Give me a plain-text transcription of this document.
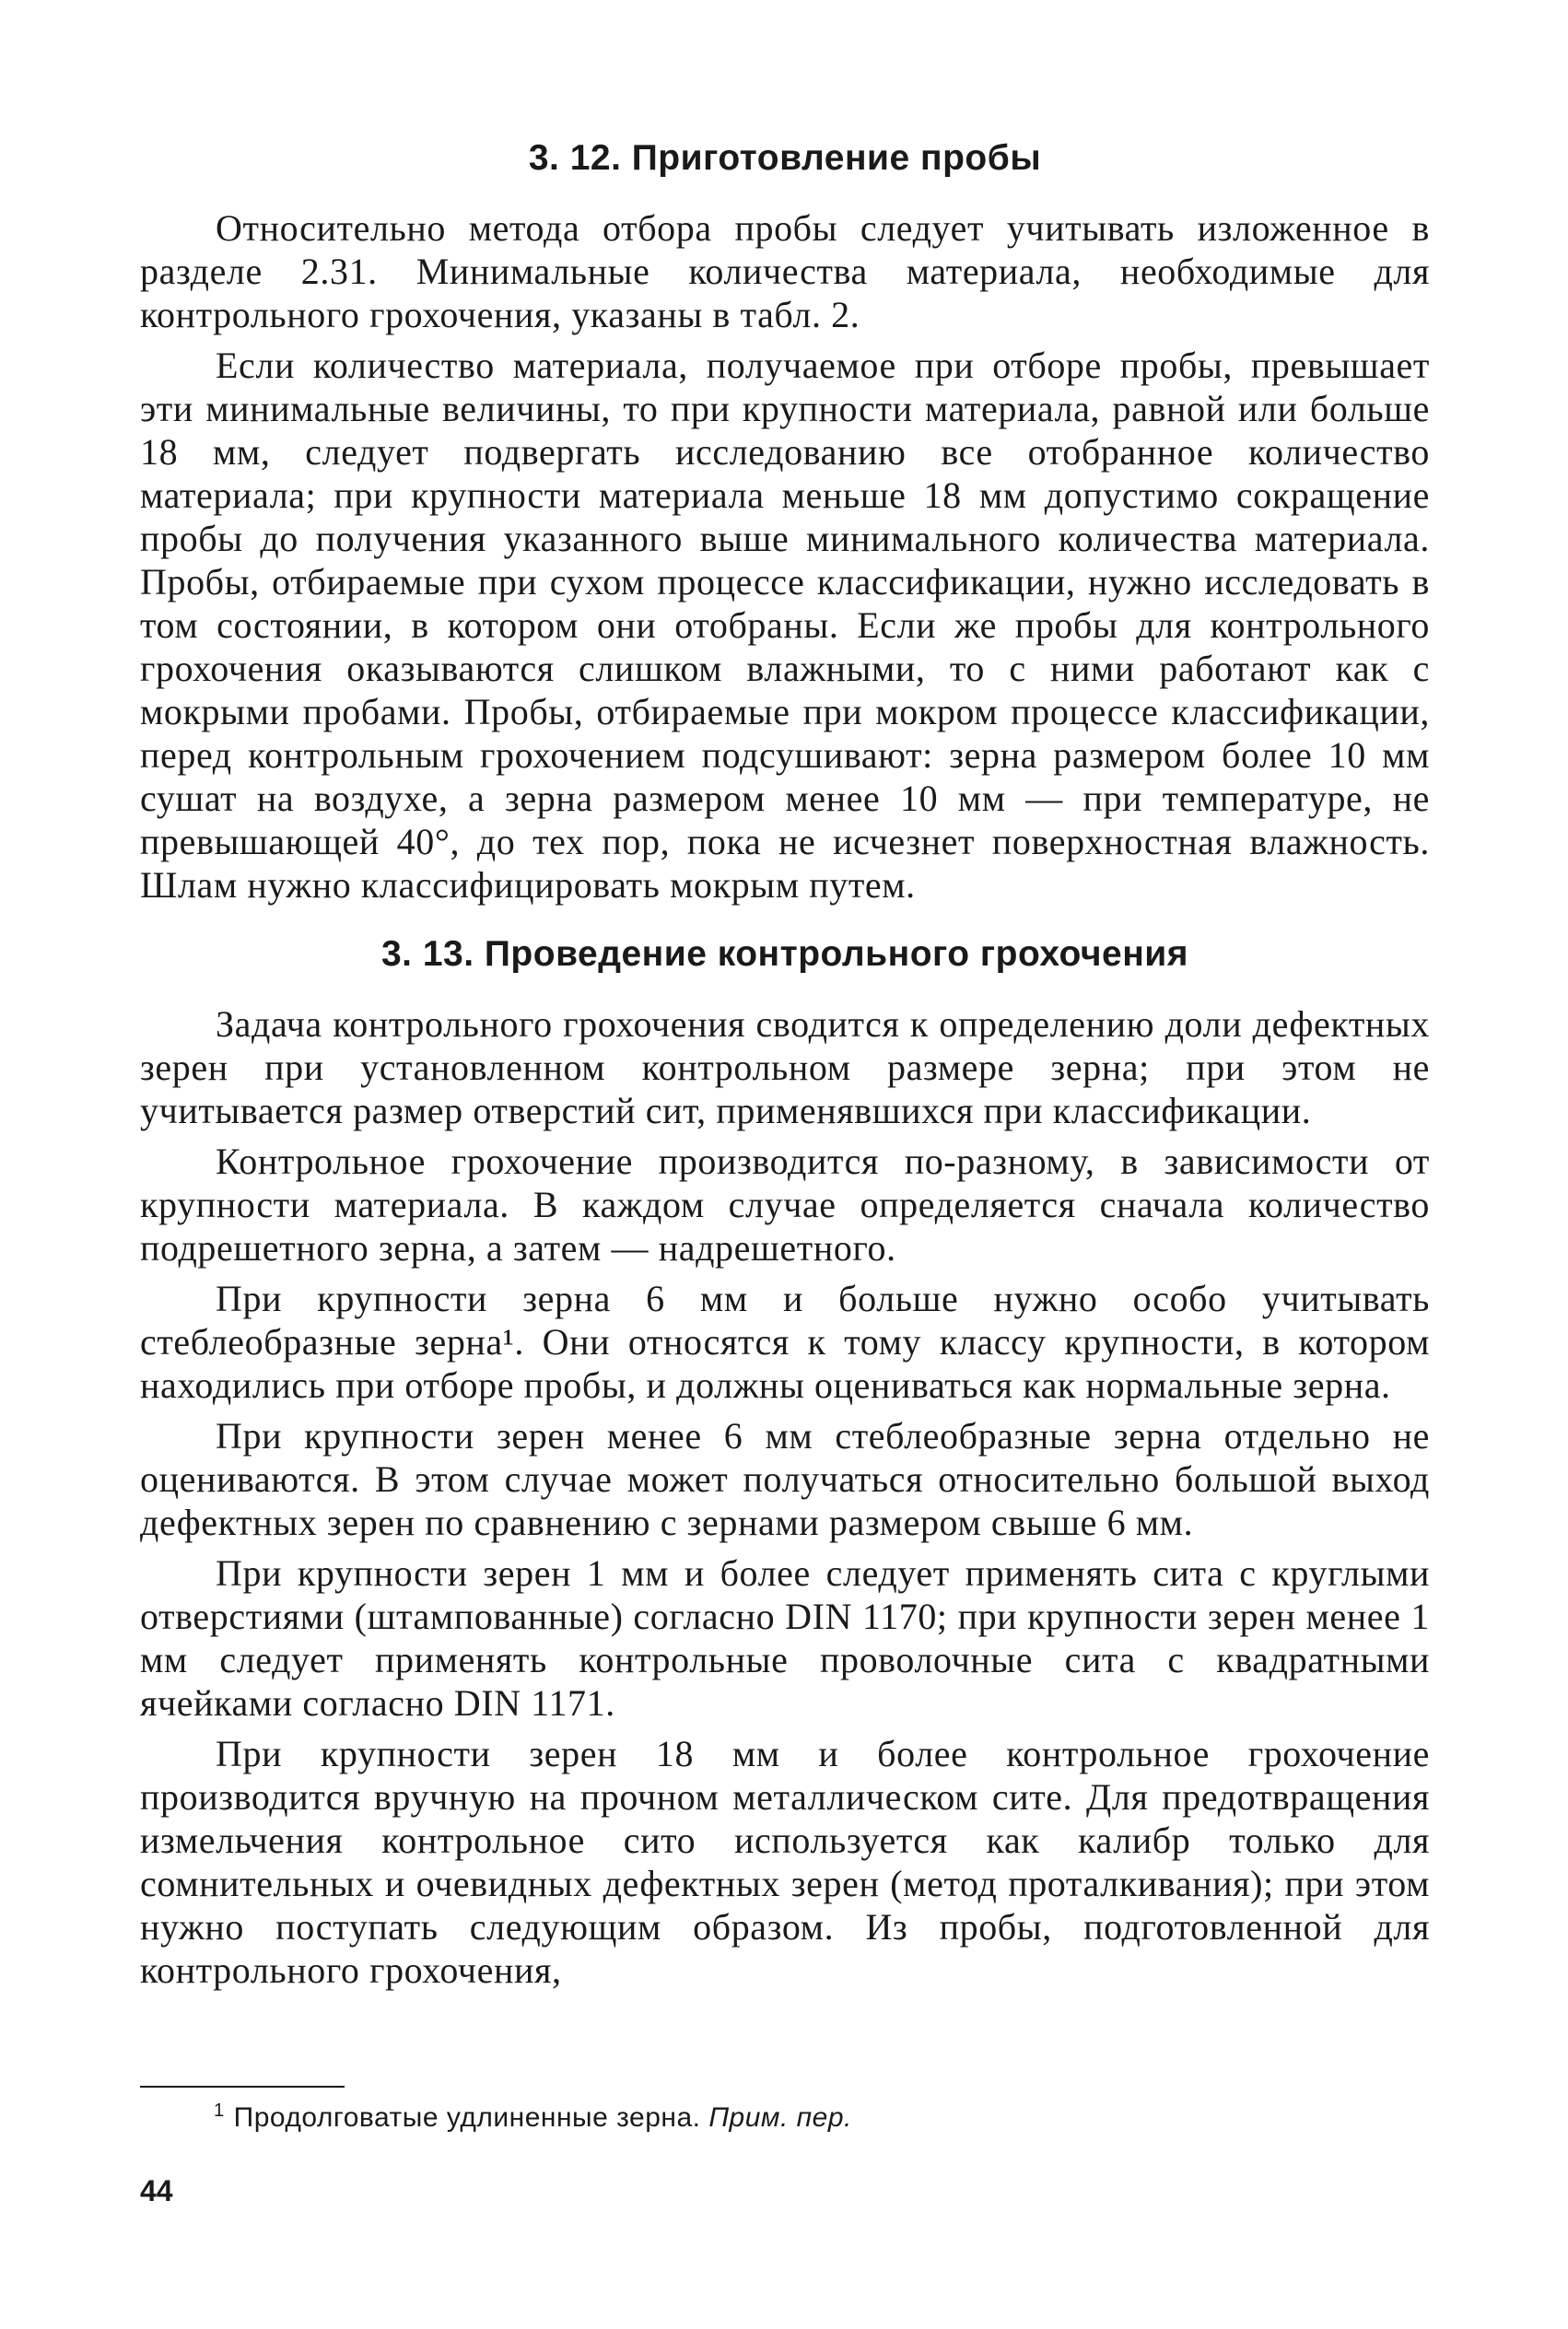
3. 12. Приготовление пробы

Относительно метода отбора пробы следует учитывать изложенное в разделе 2.31. Минимальные количества материала, необходимые для контрольного грохочения, указаны в табл. 2.

Если количество материала, получаемое при отборе пробы, превышает эти минимальные величины, то при крупности материала, равной или больше 18 мм, следует подвергать исследованию все отобранное количество материала; при крупности материала меньше 18 мм допустимо сокращение пробы до получения указанного выше минимального количества материала. Пробы, отбираемые при сухом процессе классификации, нужно исследовать в том состоянии, в котором они отобраны. Если же пробы для контрольного грохочения оказываются слишком влажными, то с ними работают как с мокрыми пробами. Пробы, отбираемые при мокром процессе классификации, перед контрольным грохочением подсушивают: зерна размером более 10 мм сушат на воздухе, а зерна размером менее 10 мм — при температуре, не превышающей 40°, до тех пор, пока не исчезнет поверхностная влажность. Шлам нужно классифицировать мокрым путем.

3. 13. Проведение контрольного грохочения

Задача контрольного грохочения сводится к определению доли дефектных зерен при установленном контрольном размере зерна; при этом не учитывается размер отверстий сит, применявшихся при классификации.

Контрольное грохочение производится по-разному, в зависимости от крупности материала. В каждом случае определяется сначала количество подрешетного зерна, а затем — надрешетного.

При крупности зерна 6 мм и больше нужно особо учитывать стеблеобразные зерна¹. Они относятся к тому классу крупности, в котором находились при отборе пробы, и должны оцениваться как нормальные зерна.

При крупности зерен менее 6 мм стеблеобразные зерна отдельно не оцениваются. В этом случае может получаться относительно большой выход дефектных зерен по сравнению с зернами размером свыше 6 мм.

При крупности зерен 1 мм и более следует применять сита с круглыми отверстиями (штампованные) согласно DIN 1170; при крупности зерен менее 1 мм следует применять контрольные проволочные сита с квадратными ячейками согласно DIN 1171.

При крупности зерен 18 мм и более контрольное грохочение производится вручную на прочном металлическом сите. Для предотвращения измельчения контрольное сито используется как калибр только для сомнительных и очевидных дефектных зерен (метод проталкивания); при этом нужно поступать следующим образом. Из пробы, подготовленной для контрольного грохочения,

$^1$ Продолговатые удлиненные зерна. Прим. пер.
44
